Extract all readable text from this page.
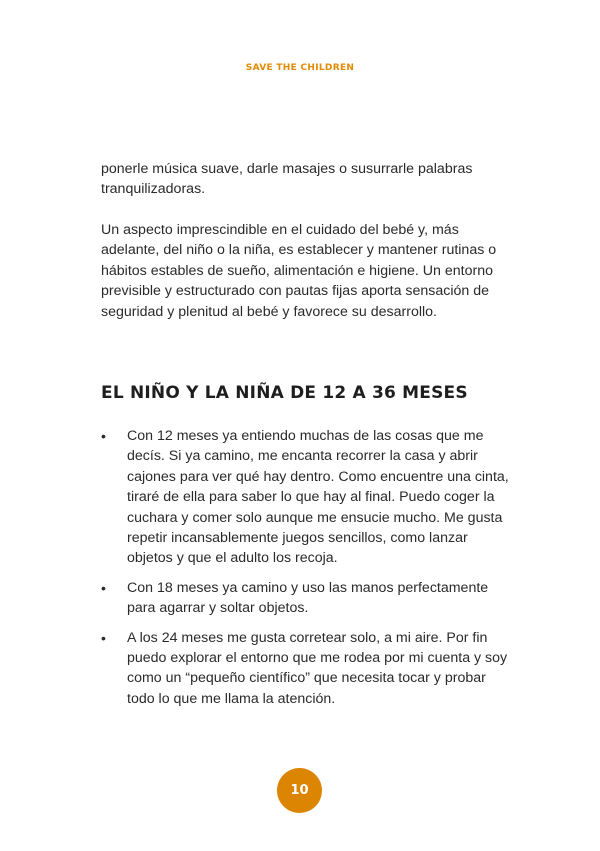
SAVE THE CHILDREN

ponerle música suave, darle masajes o susurrarle palabras tranquilizadoras.

Un aspecto imprescindible en el cuidado del bebé y, más adelante, del niño o la niña, es establecer y mantener rutinas o hábitos estables de sueño, alimentación e higiene. Un entorno previsible y estructurado con pautas fijas aporta sensación de seguridad y plenitud al bebé y favorece su desarrollo.

EL NIÑO Y LA NIÑA DE 12 A 36 MESES
• Con 12 meses ya entiendo muchas de las cosas que me decís. Si ya camino, me encanta recorrer la casa y abrir cajones para ver qué hay dentro. Como encuentre una cinta, tiraré de ella para saber lo que hay al final. Puedo coger la cuchara y comer solo aunque me ensucie mucho. Me gusta repetir incansablemente juegos sencillos, como lanzar objetos y que el adulto los recoja.
• Con 18 meses ya camino y uso las manos perfectamente para agarrar y soltar objetos.
• A los 24 meses me gusta corretear solo, a mi aire. Por fin puedo explorar el entorno que me rodea por mi cuenta y soy como un “pequeño científico” que necesita tocar y probar todo lo que me llama la atención.
10
